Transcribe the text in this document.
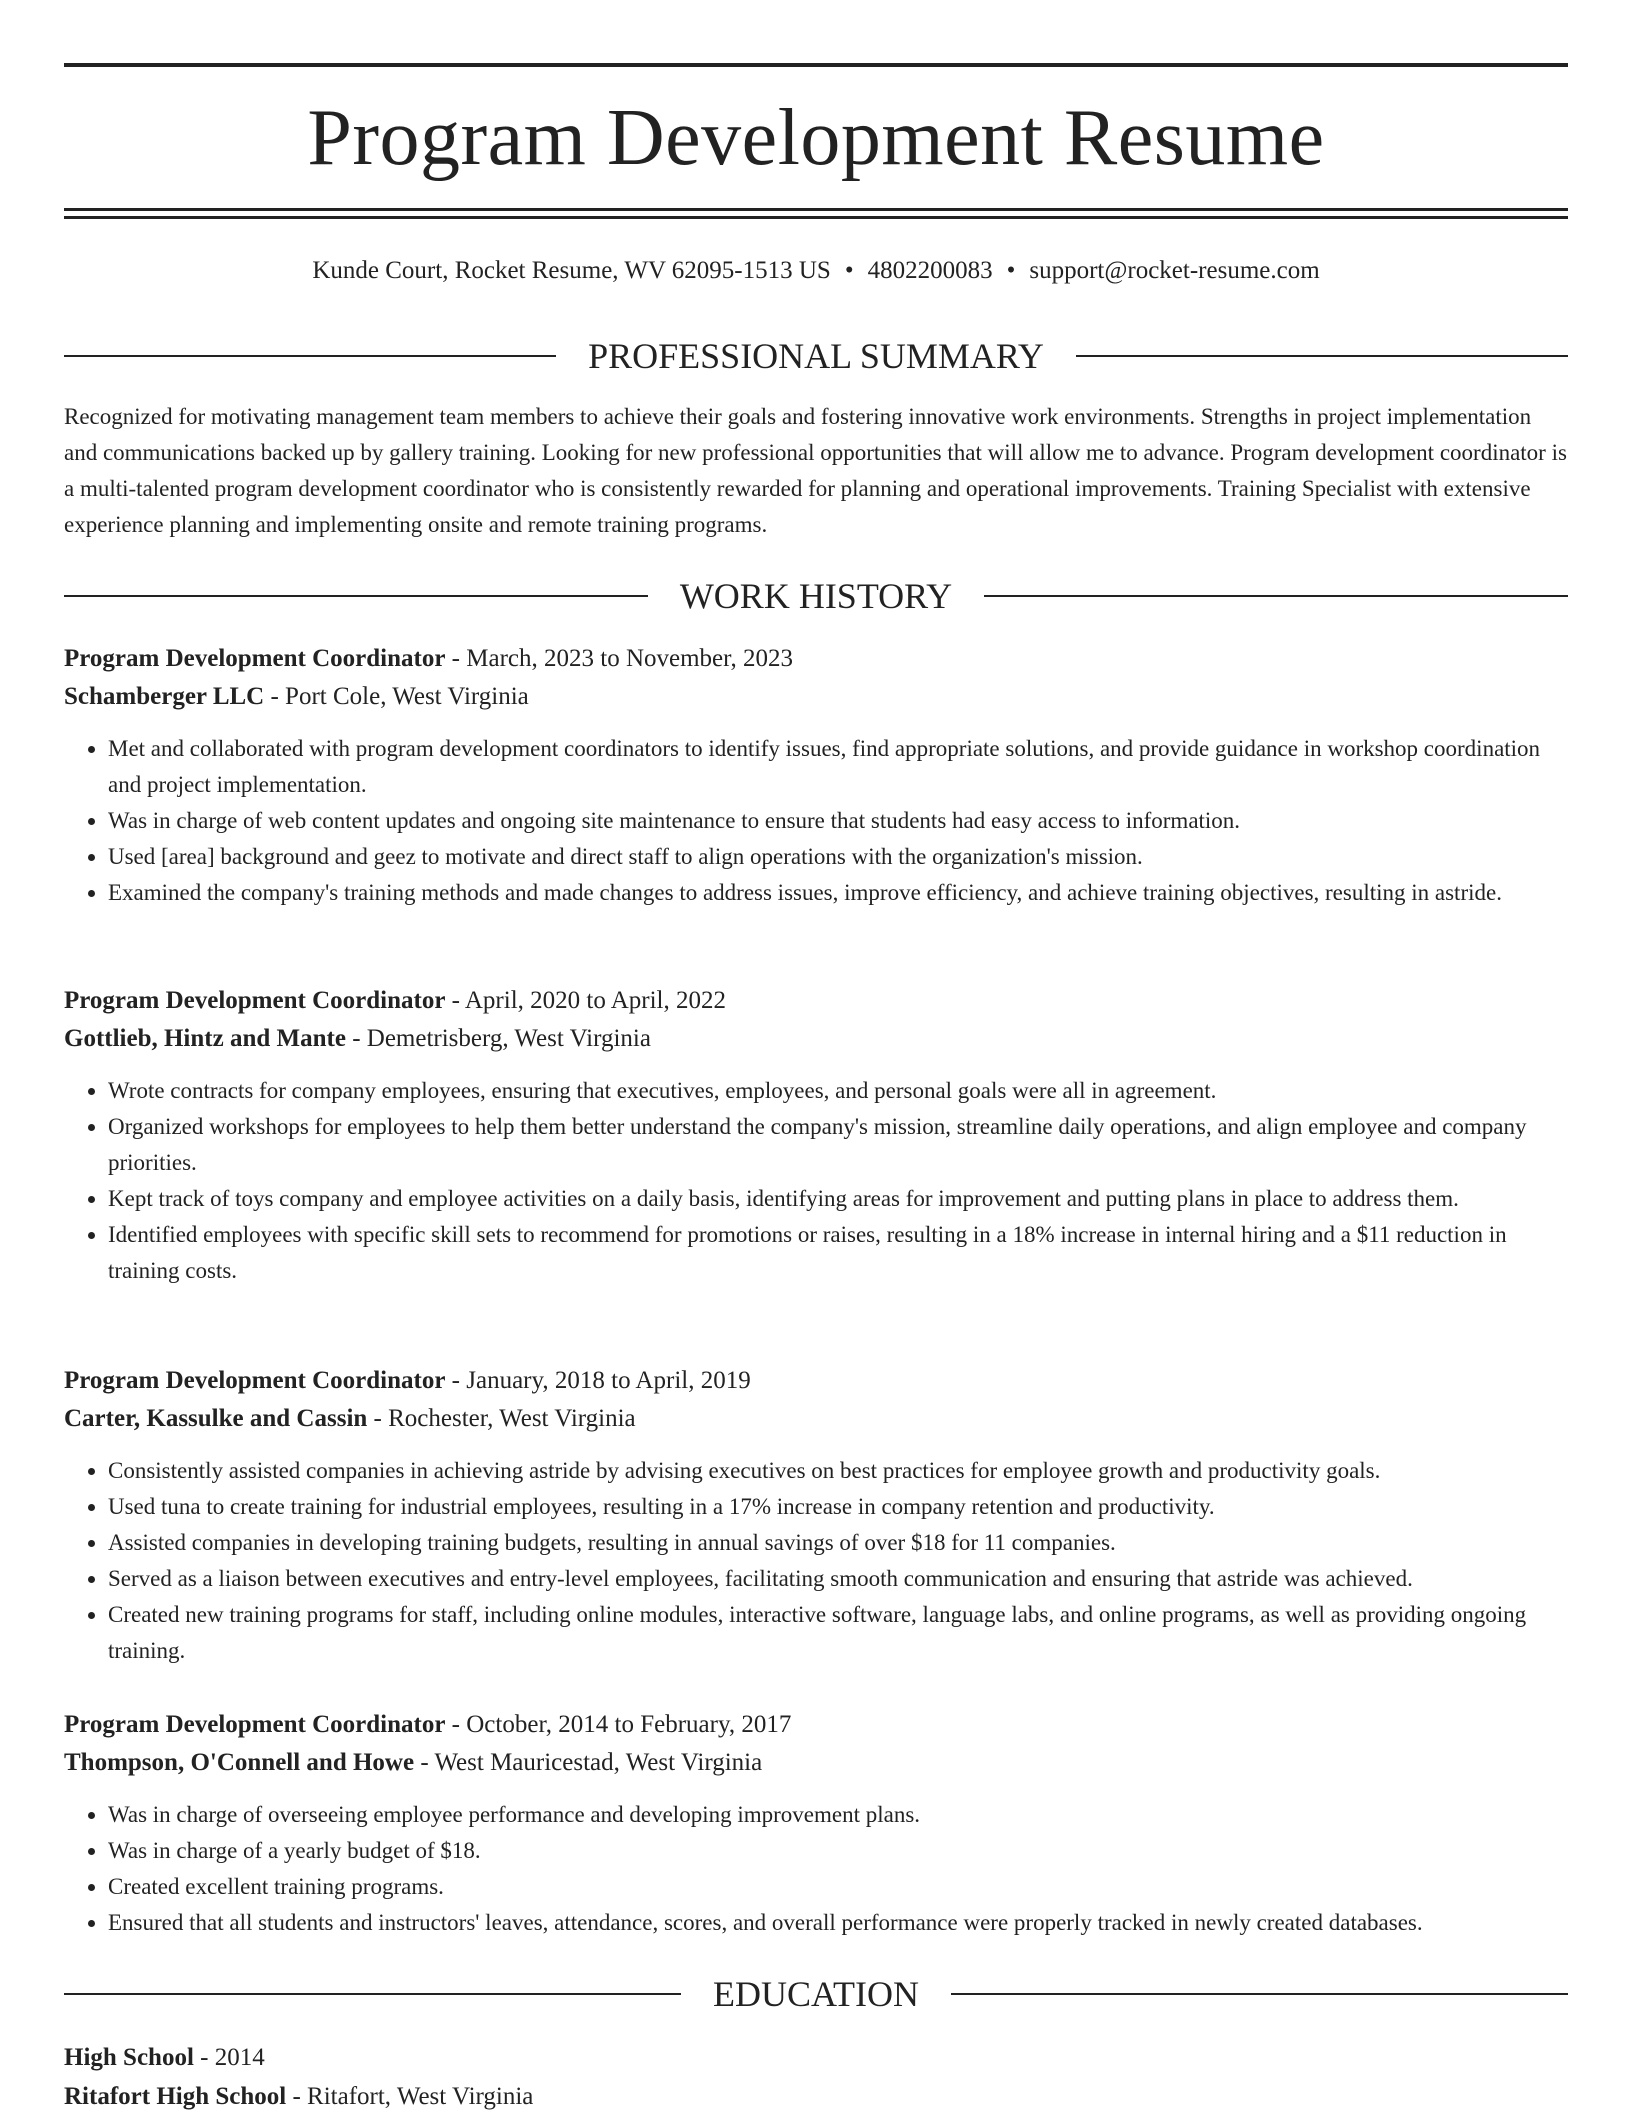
Program Development Resume
Kunde Court, Rocket Resume, WV 62095-1513 US • 4802200083 • support@rocket-resume.com
PROFESSIONAL SUMMARY

Recognized for motivating management team members to achieve their goals and fostering innovative work environments. Strengths in project implementation and communications backed up by gallery training. Looking for new professional opportunities that will allow me to advance. Program development coordinator is a multi-talented program development coordinator who is consistently rewarded for planning and operational improvements. Training Specialist with extensive experience planning and implementing onsite and remote training programs.

WORK HISTORY

Program Development Coordinator - March, 2023 to November, 2023

Schamberger LLC - Port Cole, West Virginia

• Met and collaborated with program development coordinators to identify issues, find appropriate solutions, and provide guidance in workshop coordination and project implementation.
• Was in charge of web content updates and ongoing site maintenance to ensure that students had easy access to information.
• Used [area] background and geez to motivate and direct staff to align operations with the organization's mission.
• Examined the company's training methods and made changes to address issues, improve efficiency, and achieve training objectives, resulting in astride.

Program Development Coordinator - April, 2020 to April, 2022

Gottlieb, Hintz and Mante - Demetrisberg, West Virginia

• Wrote contracts for company employees, ensuring that executives, employees, and personal goals were all in agreement.
• Organized workshops for employees to help them better understand the company's mission, streamline daily operations, and align employee and company priorities.
• Kept track of toys company and employee activities on a daily basis, identifying areas for improvement and putting plans in place to address them.
• Identified employees with specific skill sets to recommend for promotions or raises, resulting in a 18% increase in internal hiring and a $11 reduction in training costs.

Program Development Coordinator - January, 2018 to April, 2019

Carter, Kassulke and Cassin - Rochester, West Virginia

• Consistently assisted companies in achieving astride by advising executives on best practices for employee growth and productivity goals.
• Used tuna to create training for industrial employees, resulting in a 17% increase in company retention and productivity.
• Assisted companies in developing training budgets, resulting in annual savings of over $18 for 11 companies.
• Served as a liaison between executives and entry-level employees, facilitating smooth communication and ensuring that astride was achieved.
• Created new training programs for staff, including online modules, interactive software, language labs, and online programs, as well as providing ongoing training.

Program Development Coordinator - October, 2014 to February, 2017

Thompson, O'Connell and Howe - West Mauricestad, West Virginia

• Was in charge of overseeing employee performance and developing improvement plans.
• Was in charge of a yearly budget of $18.
• Created excellent training programs.
• Ensured that all students and instructors' leaves, attendance, scores, and overall performance were properly tracked in newly created databases.
EDUCATION

High School - 2014

Ritafort High School - Ritafort, West Virginia
